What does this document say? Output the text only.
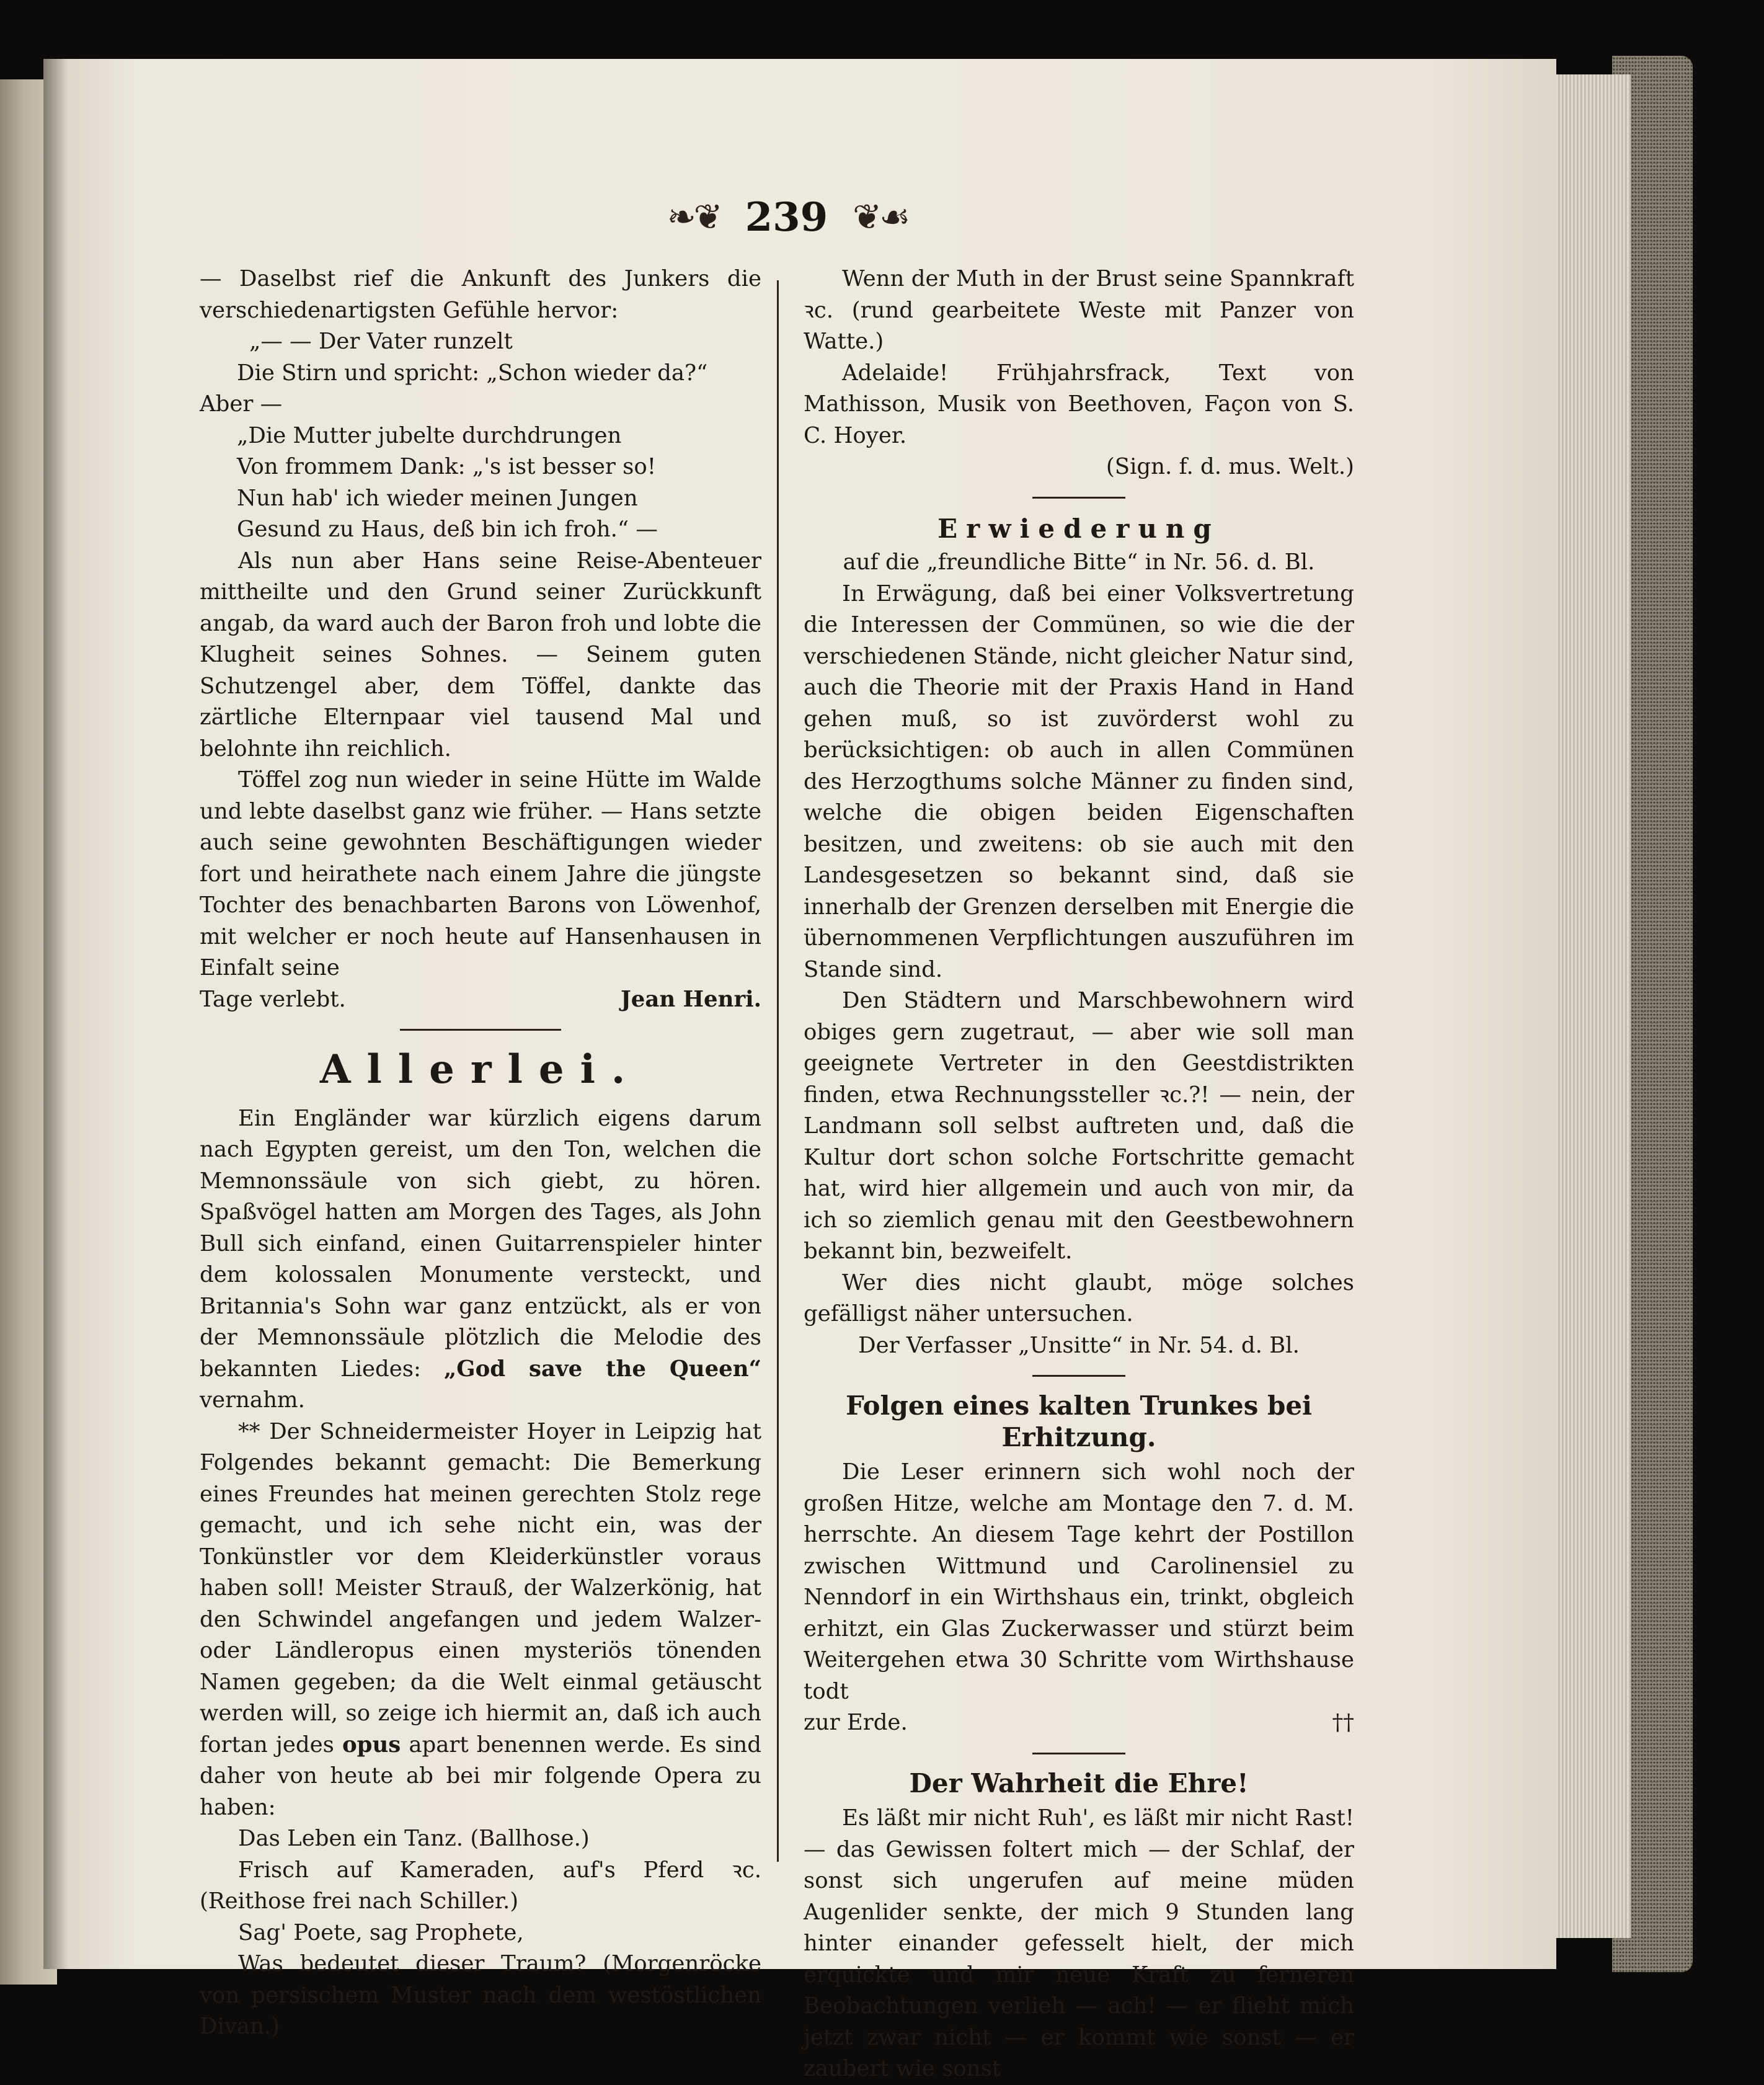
❧❦ 239 ❦☙

— Daselbst rief die Ankunft des Junkers die verschiedenartigsten Gefühle hervor:

„— — Der Vater runzelt

Die Stirn und spricht: „Schon wieder da?“

Aber —

„Die Mutter jubelte durchdrungen

Von frommem Dank: „'s ist besser so!

Nun hab' ich wieder meinen Jungen

Gesund zu Haus, deß bin ich froh.“ —

Als nun aber Hans seine Reise-Abenteuer mittheilte und den Grund seiner Zurückkunft angab, da ward auch der Baron froh und lobte die Klugheit seines Sohnes. — Seinem guten Schutzengel aber, dem Töffel, dankte das zärtliche Elternpaar viel tausend Mal und belohnte ihn reichlich.

Töffel zog nun wieder in seine Hütte im Walde und lebte daselbst ganz wie früher. — Hans setzte auch seine gewohnten Beschäftigungen wieder fort und heirathete nach einem Jahre die jüngste Tochter des benachbarten Barons von Löwenhof, mit welcher er noch heute auf Hansenhausen in Einfalt seine

Tage verlebt.	Jean Henri.
Allerlei.

Ein Engländer war kürzlich eigens darum nach Egypten gereist, um den Ton, welchen die Memnonssäule von sich giebt, zu hören. Spaßvögel hatten am Morgen des Tages, als John Bull sich einfand, einen Guitarrenspieler hinter dem kolossalen Monumente versteckt, und Britannia's Sohn war ganz entzückt, als er von der Memnonssäule plötzlich die Melodie des bekannten Liedes: „God save the Queen“ vernahm.

** Der Schneidermeister Hoyer in Leipzig hat Folgendes bekannt gemacht: Die Bemerkung eines Freundes hat meinen gerechten Stolz rege gemacht, und ich sehe nicht ein, was der Tonkünstler vor dem Kleiderkünstler voraus haben soll! Meister Strauß, der Walzerkönig, hat den Schwindel angefangen und jedem Walzer- oder Ländleropus einen mysteriös tönenden Namen gegeben; da die Welt einmal getäuscht werden will, so zeige ich hiermit an, daß ich auch fortan jedes opus apart benennen werde. Es sind daher von heute ab bei mir folgende Opera zu haben:

Das Leben ein Tanz. (Ballhose.)

Frisch auf Kameraden, auf's Pferd ꝛc. (Reithose frei nach Schiller.)

Sag' Poete, sag Prophete,

Was bedeutet dieser Traum? (Morgenröcke von persischem Muster nach dem westöstlichen Divan.)

Wenn der Muth in der Brust seine Spannkraft ꝛc. (rund gearbeitete Weste mit Panzer von Watte.)

Adelaide! Frühjahrsfrack, Text von Mathisson, Musik von Beethoven, Façon von S. C. Hoyer.

(Sign. f. d. mus. Welt.)

Erwiederung

auf die „freundliche Bitte“ in Nr. 56. d. Bl.

In Erwägung, daß bei einer Volksvertretung die Interessen der Commünen, so wie die der verschiedenen Stände, nicht gleicher Natur sind, auch die Theorie mit der Praxis Hand in Hand gehen muß, so ist zuvörderst wohl zu berücksichtigen: ob auch in allen Commünen des Herzogthums solche Männer zu finden sind, welche die obigen beiden Eigenschaften besitzen, und zweitens: ob sie auch mit den Landesgesetzen so bekannt sind, daß sie innerhalb der Grenzen derselben mit Energie die übernommenen Verpflichtungen auszuführen im Stande sind.

Den Städtern und Marschbewohnern wird obiges gern zugetraut, — aber wie soll man geeignete Vertreter in den Geestdistrikten finden, etwa Rechnungssteller ꝛc.?! — nein, der Landmann soll selbst auftreten und, daß die Kultur dort schon solche Fortschritte gemacht hat, wird hier allgemein und auch von mir, da ich so ziemlich genau mit den Geestbewohnern bekannt bin, bezweifelt.

Wer dies nicht glaubt, möge solches gefälligst näher untersuchen.

Der Verfasser „Unsitte“ in Nr. 54. d. Bl.

Folgen eines kalten Trunkes bei Erhitzung.

Die Leser erinnern sich wohl noch der großen Hitze, welche am Montage den 7. d. M. herrschte. An diesem Tage kehrt der Postillon zwischen Wittmund und Carolinensiel zu Nenndorf in ein Wirthshaus ein, trinkt, obgleich erhitzt, ein Glas Zuckerwasser und stürzt beim Weitergehen etwa 30 Schritte vom Wirthshause todt

zur Erde.	††
Der Wahrheit die Ehre!

Es läßt mir nicht Ruh', es läßt mir nicht Rast! — das Gewissen foltert mich — der Schlaf, der sonst sich ungerufen auf meine müden Augenlider senkte, der mich 9 Stunden lang hinter einander gefesselt hielt, der mich erquickte und mir neue Kraft zu ferneren Beobachtungen verlieh — ach! — er flieht mich jetzt zwar nicht — er kommt wie sonst — er zaubert wie sonst
